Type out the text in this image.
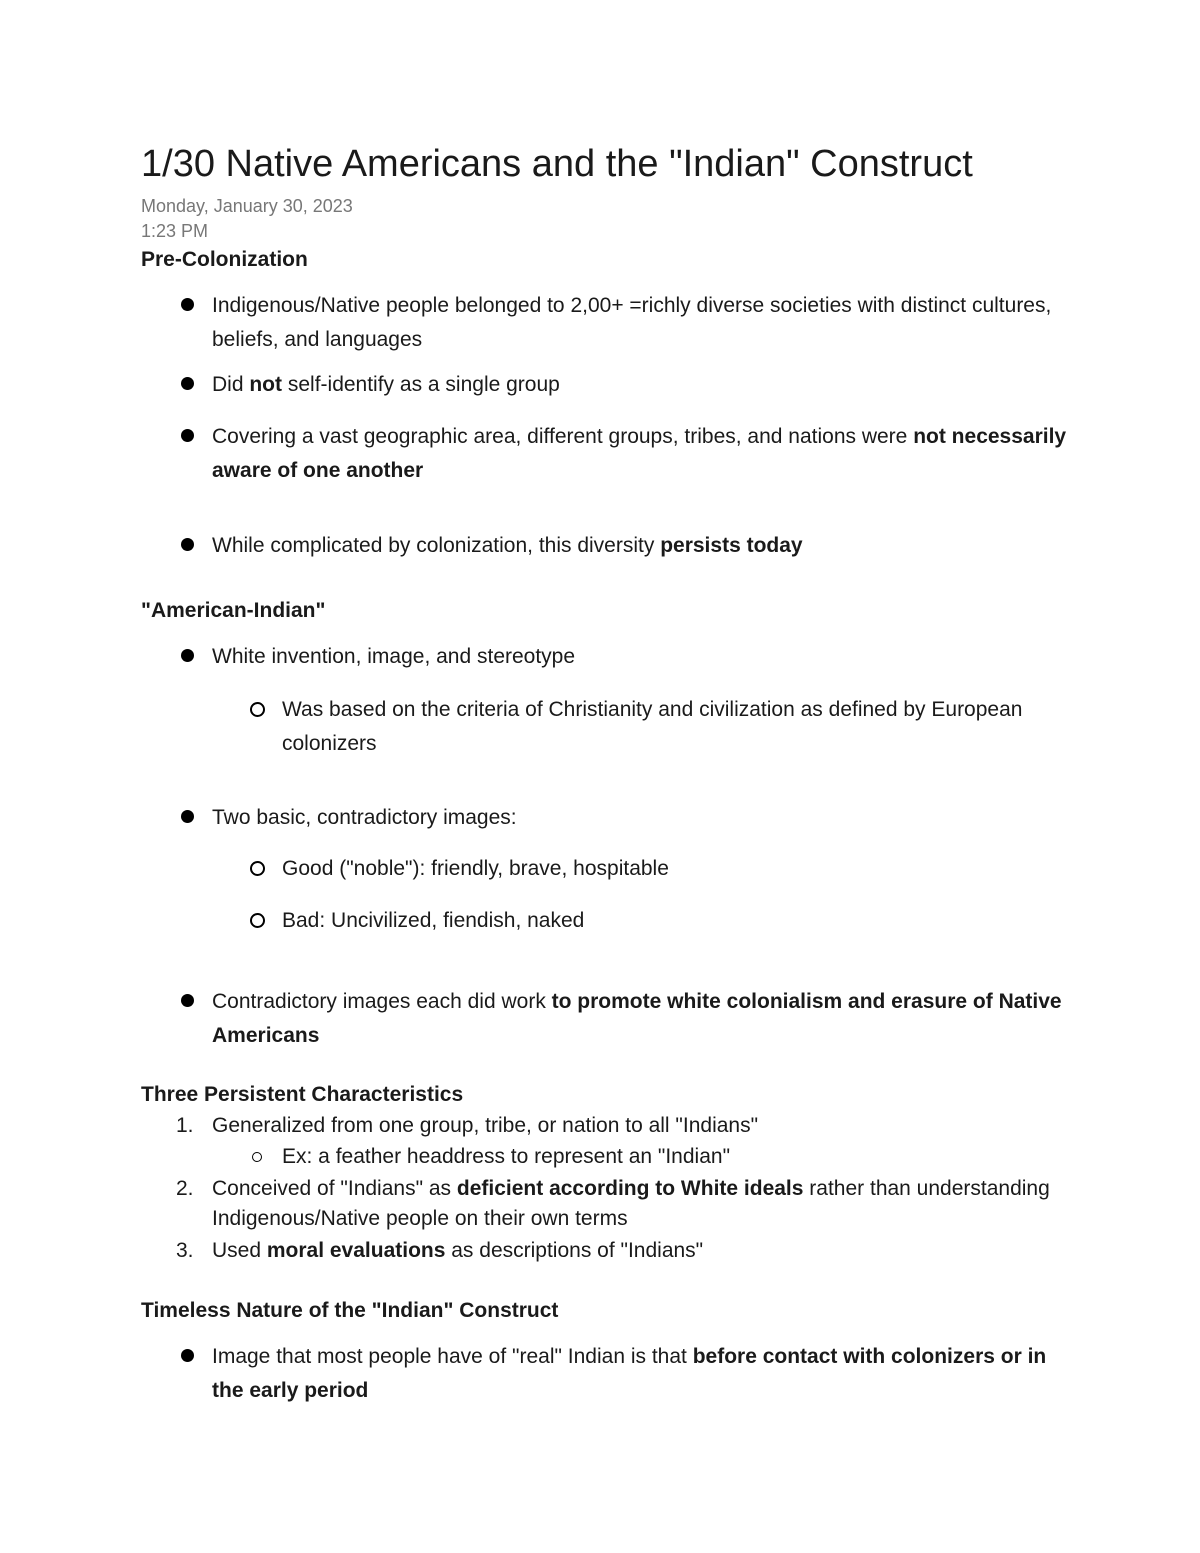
1/30 Native Americans and the "Indian" Construct
Monday, January 30, 2023
1:23 PM
Pre-Colonization
Indigenous/Native people belonged to 2,00+ =richly diverse societies with distinct cultures, beliefs, and languages
Did not self-identify as a single group
Covering a vast geographic area, different groups, tribes, and nations were not necessarily aware of one another
While complicated by colonization, this diversity persists today
"American-Indian"
White invention, image, and stereotype
Was based on the criteria of Christianity and civilization as defined by European colonizers
Two basic, contradictory images:
Good ("noble"): friendly, brave, hospitable
Bad: Uncivilized, fiendish, naked
Contradictory images each did work to promote white colonialism and erasure of Native Americans
Three Persistent Characteristics
1. Generalized from one group, tribe, or nation to all "Indians"
Ex: a feather headdress to represent an "Indian"
2. Conceived of "Indians" as deficient according to White ideals rather than understanding Indigenous/Native people on their own terms
3. Used moral evaluations as descriptions of "Indians"
Timeless Nature of the "Indian" Construct
Image that most people have of "real" Indian is that before contact with colonizers or in the early period
